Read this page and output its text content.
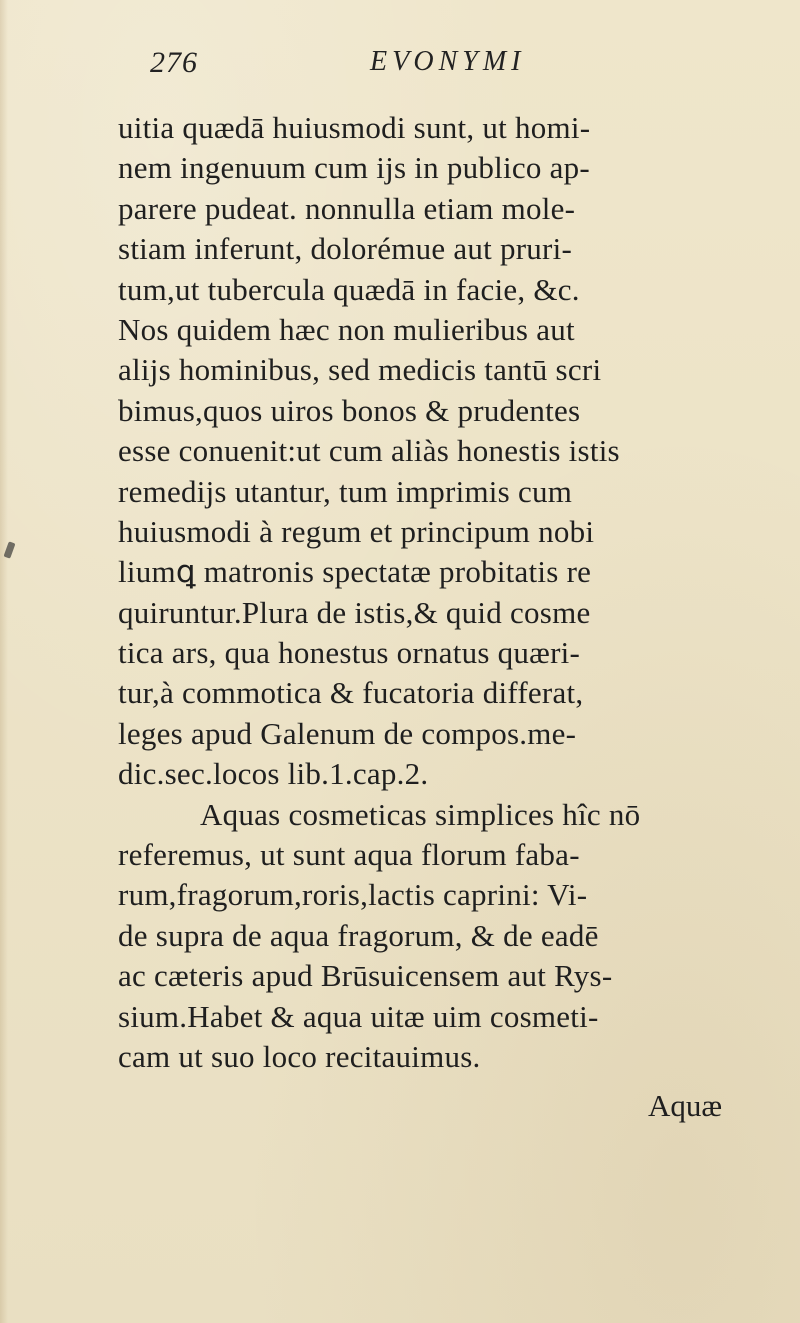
276	EVONYMI
uitia quædā huiusmodi sunt, ut homi-
nem ingenuum cum ijs in publico ap-
parere pudeat. nonnulla etiam mole-
stiam inferunt, dolorémue aut pruri-
tum,ut tubercula quædā in facie, &c.
Nos quidem hæc non mulieribus aut
alijs hominibus, sed medicis tantū scri
bimus,quos uiros bonos & prudentes
esse conuenit:ut cum aliàs honestis istis
remedijs utantur, tum imprimis cum
huiusmodi à regum et principum nobi
liumꝗ matronis spectatæ probitatis re
quiruntur.Plura de istis,& quid cosme
tica ars, qua honestus ornatus quæri-
tur,à commotica & fucatoria differat,
leges apud Galenum de compos.me-
dic.sec.locos lib.1.cap.2.
Aquas cosmeticas simplices hîc nō
referemus, ut sunt aqua florum faba-
rum,fragorum,roris,lactis caprini: Vi-
de supra de aqua fragorum, & de eadē
ac cæteris apud Brūsuicensem aut Rys-
sium.Habet & aqua uitæ uim cosmeti-
cam ut suo loco recitauimus.
Aquæ
